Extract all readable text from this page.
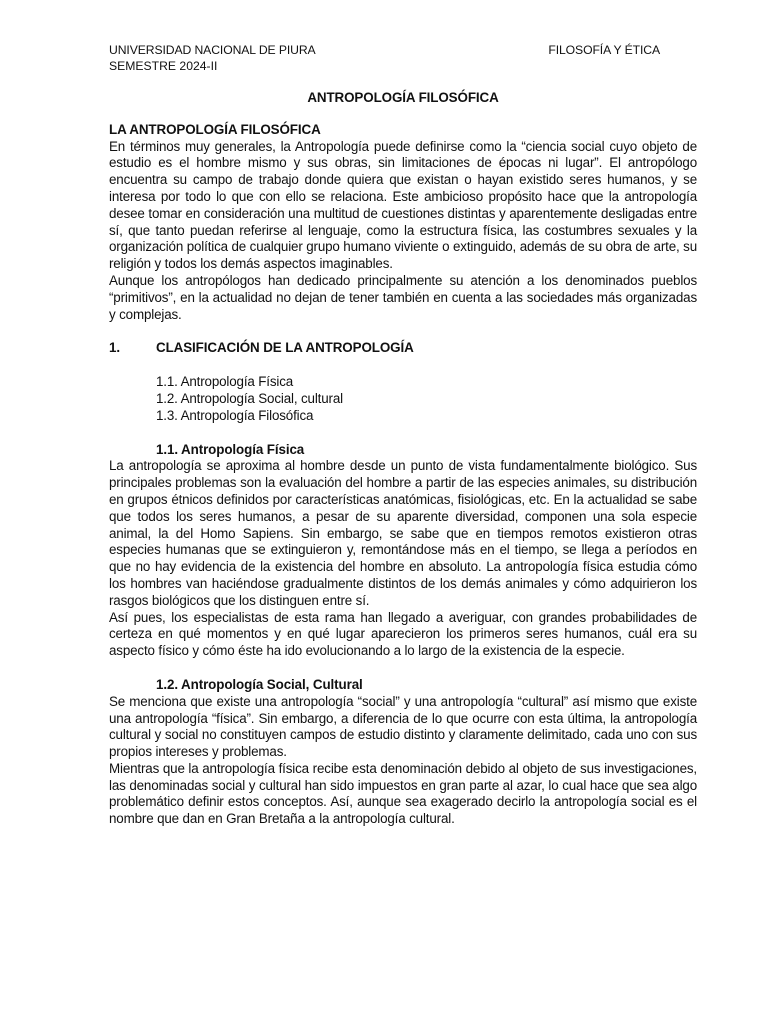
UNIVERSIDAD NACIONAL DE PIURA	FILOSOFÍA Y ÉTICA
SEMESTRE 2024-II
ANTROPOLOGÍA FILOSÓFICA
LA ANTROPOLOGÍA FILOSÓFICA

En términos muy generales, la Antropología puede definirse como la “ciencia social cuyo objeto de estudio es el hombre mismo y sus obras, sin limitaciones de épocas ni lugar”. El antropólogo encuentra su campo de trabajo donde quiera que existan o hayan existido seres humanos, y se interesa por todo lo que con ello se relaciona. Este ambicioso propósito hace que la antropología desee tomar en consideración una multitud de cuestiones distintas y aparentemente desligadas entre sí, que tanto puedan referirse al lenguaje, como la estructura física, las costumbres sexuales y la organización política de cualquier grupo humano viviente o extinguido, además de su obra de arte, su religión y todos los demás aspectos imaginables.

Aunque los antropólogos han dedicado principalmente su atención a los denominados pueblos “primitivos”, en la actualidad no dejan de tener también en cuenta a las sociedades más organizadas y complejas.

1.	CLASIFICACIÓN DE LA ANTROPOLOGÍA
1.1. Antropología Física
1.2. Antropología Social, cultural
1.3. Antropología Filosófica
1.1. Antropología Física

La antropología se aproxima al hombre desde un punto de vista fundamentalmente biológico. Sus principales problemas son la evaluación del hombre a partir de las especies animales, su distribución en grupos étnicos definidos por características anatómicas, fisiológicas, etc. En la actualidad se sabe que todos los seres humanos, a pesar de su aparente diversidad, componen una sola especie animal, la del Homo Sapiens. Sin embargo, se sabe que en tiempos remotos existieron otras especies humanas que se extinguieron y, remontándose más en el tiempo, se llega a períodos en que no hay evidencia de la existencia del hombre en absoluto. La antropología física estudia cómo los hombres van haciéndose gradualmente distintos de los demás animales y cómo adquirieron los rasgos biológicos que los distinguen entre sí.

Así pues, los especialistas de esta rama han llegado a averiguar, con grandes probabilidades de certeza en qué momentos y en qué lugar aparecieron los primeros seres humanos, cuál era su aspecto físico y cómo éste ha ido evolucionando a lo largo de la existencia de la especie.

1.2. Antropología Social, Cultural

Se menciona que existe una antropología “social” y una antropología “cultural” así mismo que existe una antropología “física”. Sin embargo, a diferencia de lo que ocurre con esta última, la antropología cultural y social no constituyen campos de estudio distinto y claramente delimitado, cada uno con sus propios intereses y problemas.

Mientras que la antropología física recibe esta denominación debido al objeto de sus investigaciones, las denominadas social y cultural han sido impuestos en gran parte al azar, lo cual hace que sea algo problemático definir estos conceptos. Así, aunque sea exagerado decirlo la antropología social es el nombre que dan en Gran Bretaña a la antropología cultural.
